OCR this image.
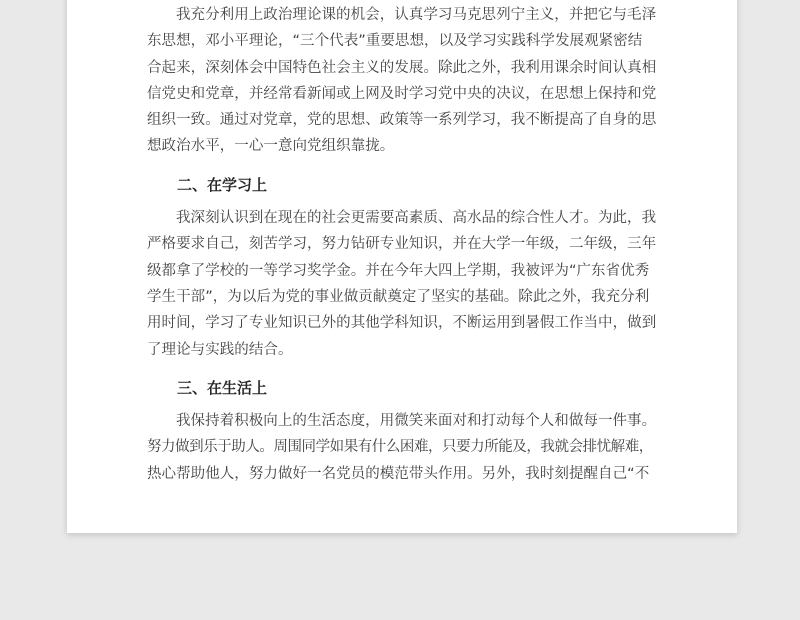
我充分利用上政治理论课的机会，认真学习马克思列宁主义，并把它与毛泽
东思想，邓小平理论，“三个代表”重要思想，以及学习实践科学发展观紧密结
合起来，深刻体会中国特色社会主义的发展。除此之外，我利用课余时间认真相
信党史和党章，并经常看新闻或上网及时学习党中央的决议，在思想上保持和党
组织一致。通过对党章，党的思想、政策等一系列学习，我不断提高了自身的思
想政治水平，一心一意向党组织靠拢。
二、在学习上
我深刻认识到在现在的社会更需要高素质、高水品的综合性人才。为此，我
严格要求自己，刻苦学习，努力钻研专业知识，并在大学一年级，二年级，三年
级都拿了学校的一等学习奖学金。并在今年大四上学期，我被评为“广东省优秀
学生干部”，为以后为党的事业做贡献奠定了坚实的基础。除此之外，我充分利
用时间，学习了专业知识已外的其他学科知识，不断运用到暑假工作当中，做到
了理论与实践的结合。
三、在生活上
我保持着积极向上的生活态度，用微笑来面对和打动每个人和做每一件事。
努力做到乐于助人。周围同学如果有什么困难，只要力所能及，我就会排忧解难，
热心帮助他人，努力做好一名党员的模范带头作用。另外，我时刻提醒自己“不
